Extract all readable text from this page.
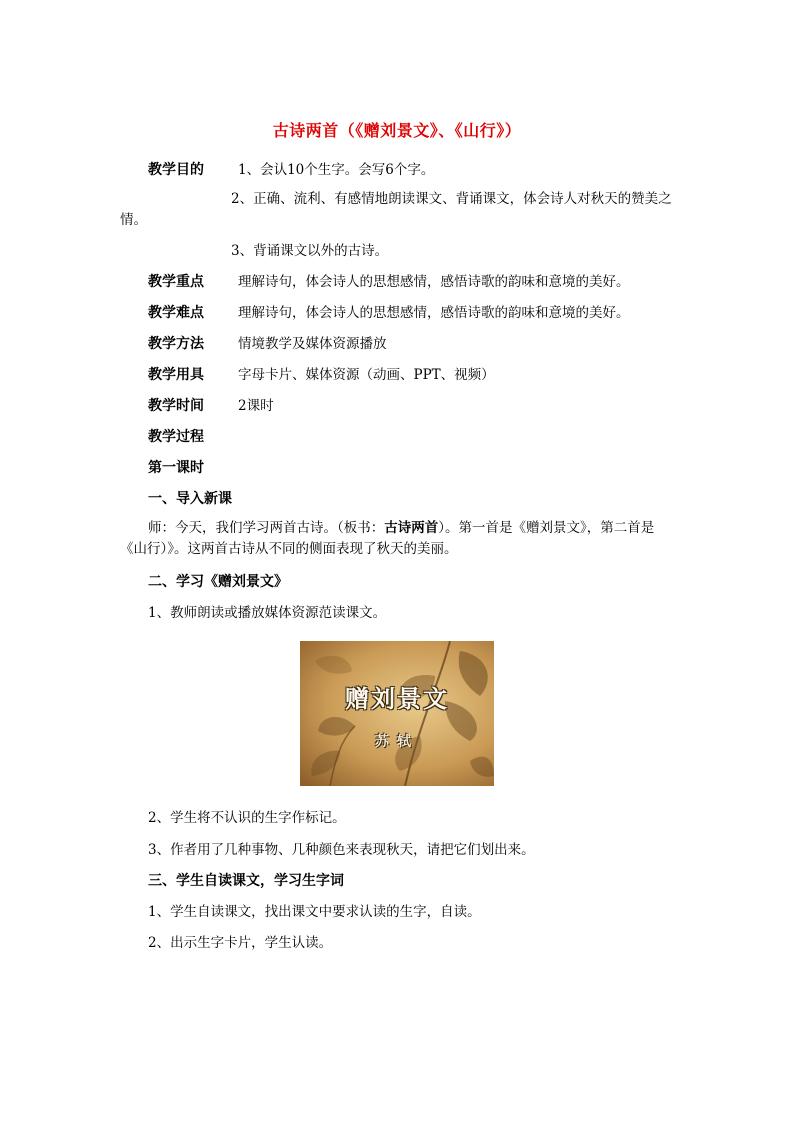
古诗两首（《赠刘景文》、《山行》）
教学目的	1、会认10个生字。会写6个字。
2、正确、流利、有感情地朗读课文、背诵课文，体会诗人对秋天的赞美之情。
3、背诵课文以外的古诗。
教学重点	理解诗句，体会诗人的思想感情，感悟诗歌的韵味和意境的美好。
教学难点	理解诗句，体会诗人的思想感情，感悟诗歌的韵味和意境的美好。
教学方法	情境教学及媒体资源播放
教学用具	字母卡片、媒体资源（动画、PPT、视频）
教学时间	2课时
教学过程
第一课时
一、导入新课
师：今天，我们学习两首古诗。（板书：古诗两首）。第一首是《赠刘景文》，第二首是《山行）》。这两首古诗从不同的侧面表现了秋天的美丽。
二、学习《赠刘景文》
1、教师朗读或播放媒体资源范读课文。
赠刘景文
苏轼
2、学生将不认识的生字作标记。
3、作者用了几种事物、几种颜色来表现秋天，请把它们划出来。
三、学生自读课文，学习生字词
1、学生自读课文，找出课文中要求认读的生字，自读。
2、出示生字卡片，学生认读。
